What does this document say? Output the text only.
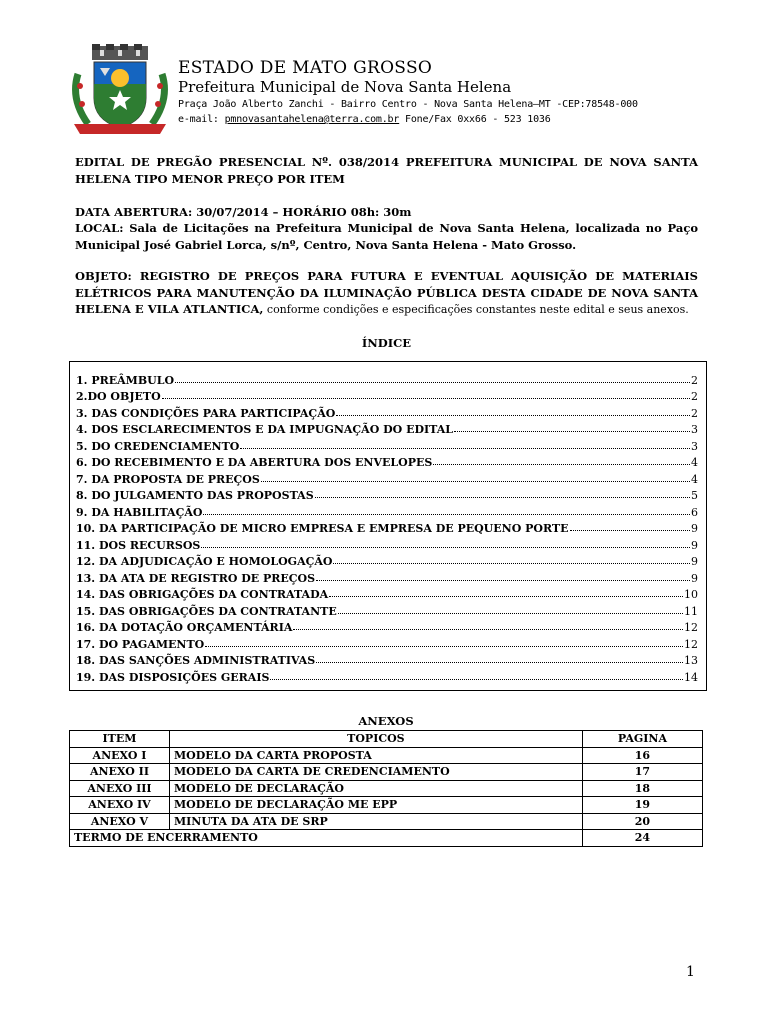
ESTADO DE MATO GROSSO
Prefeitura Municipal de Nova Santa Helena
Praça João Alberto Zanchi - Bairro Centro - Nova Santa Helena–MT -CEP:78548-000
e-mail: pmnovasantahelena@terra.com.br Fone/Fax 0xx66 - 523 1036
EDITAL DE PREGÃO PRESENCIAL Nº. 038/2014 PREFEITURA MUNICIPAL DE NOVA SANTA HELENA TIPO MENOR PREÇO POR ITEM
DATA ABERTURA: 30/07/2014 – HORÁRIO 08h: 30m
LOCAL: Sala de Licitações na Prefeitura Municipal de Nova Santa Helena, localizada no Paço Municipal José Gabriel Lorca, s/nº, Centro, Nova Santa Helena - Mato Grosso.
OBJETO: REGISTRO DE PREÇOS PARA FUTURA E EVENTUAL AQUISIÇÃO DE MATERIAIS ELÉTRICOS PARA MANUTENÇÃO DA ILUMINAÇÃO PÚBLICA DESTA CIDADE DE NOVA SANTA HELENA E VILA ATLANTICA, conforme condições e especificações constantes neste edital e seus anexos.
ÍNDICE
1. PREÂMBULO	2
2.DO OBJETO	2
3. DAS CONDIÇÕES PARA PARTICIPAÇÃO	2
4. DOS ESCLARECIMENTOS E DA IMPUGNAÇÃO DO EDITAL	3
5. DO CREDENCIAMENTO	3
6. DO RECEBIMENTO E DA ABERTURA DOS ENVELOPES	4
7. DA PROPOSTA DE PREÇOS	4
8. DO JULGAMENTO DAS PROPOSTAS	5
9. DA HABILITAÇÃO	6
10. DA PARTICIPAÇÃO DE MICRO EMPRESA E EMPRESA DE PEQUENO PORTE	9
11. DOS RECURSOS	9
12. DA ADJUDICAÇÃO E HOMOLOGAÇÃO	9
13. DA ATA DE REGISTRO DE PREÇOS	9
14. DAS OBRIGAÇÕES DA CONTRATADA	10
15. DAS OBRIGAÇÕES DA CONTRATANTE	11
16. DA DOTAÇÃO ORÇAMENTÁRIA	12
17. DO PAGAMENTO	12
18. DAS SANÇÕES ADMINISTRATIVAS	13
19. DAS DISPOSIÇÕES GERAIS	14
ANEXOS
ITEM	TOPICOS	PAGINA
ANEXO I	MODELO DA CARTA PROPOSTA	16
ANEXO II	MODELO DA CARTA DE CREDENCIAMENTO	17
ANEXO III	MODELO DE DECLARAÇÃO	18
ANEXO IV	MODELO DE DECLARAÇÃO ME EPP	19
ANEXO V	MINUTA DA ATA DE SRP	20
TERMO DE ENCERRAMENTO		24
1
